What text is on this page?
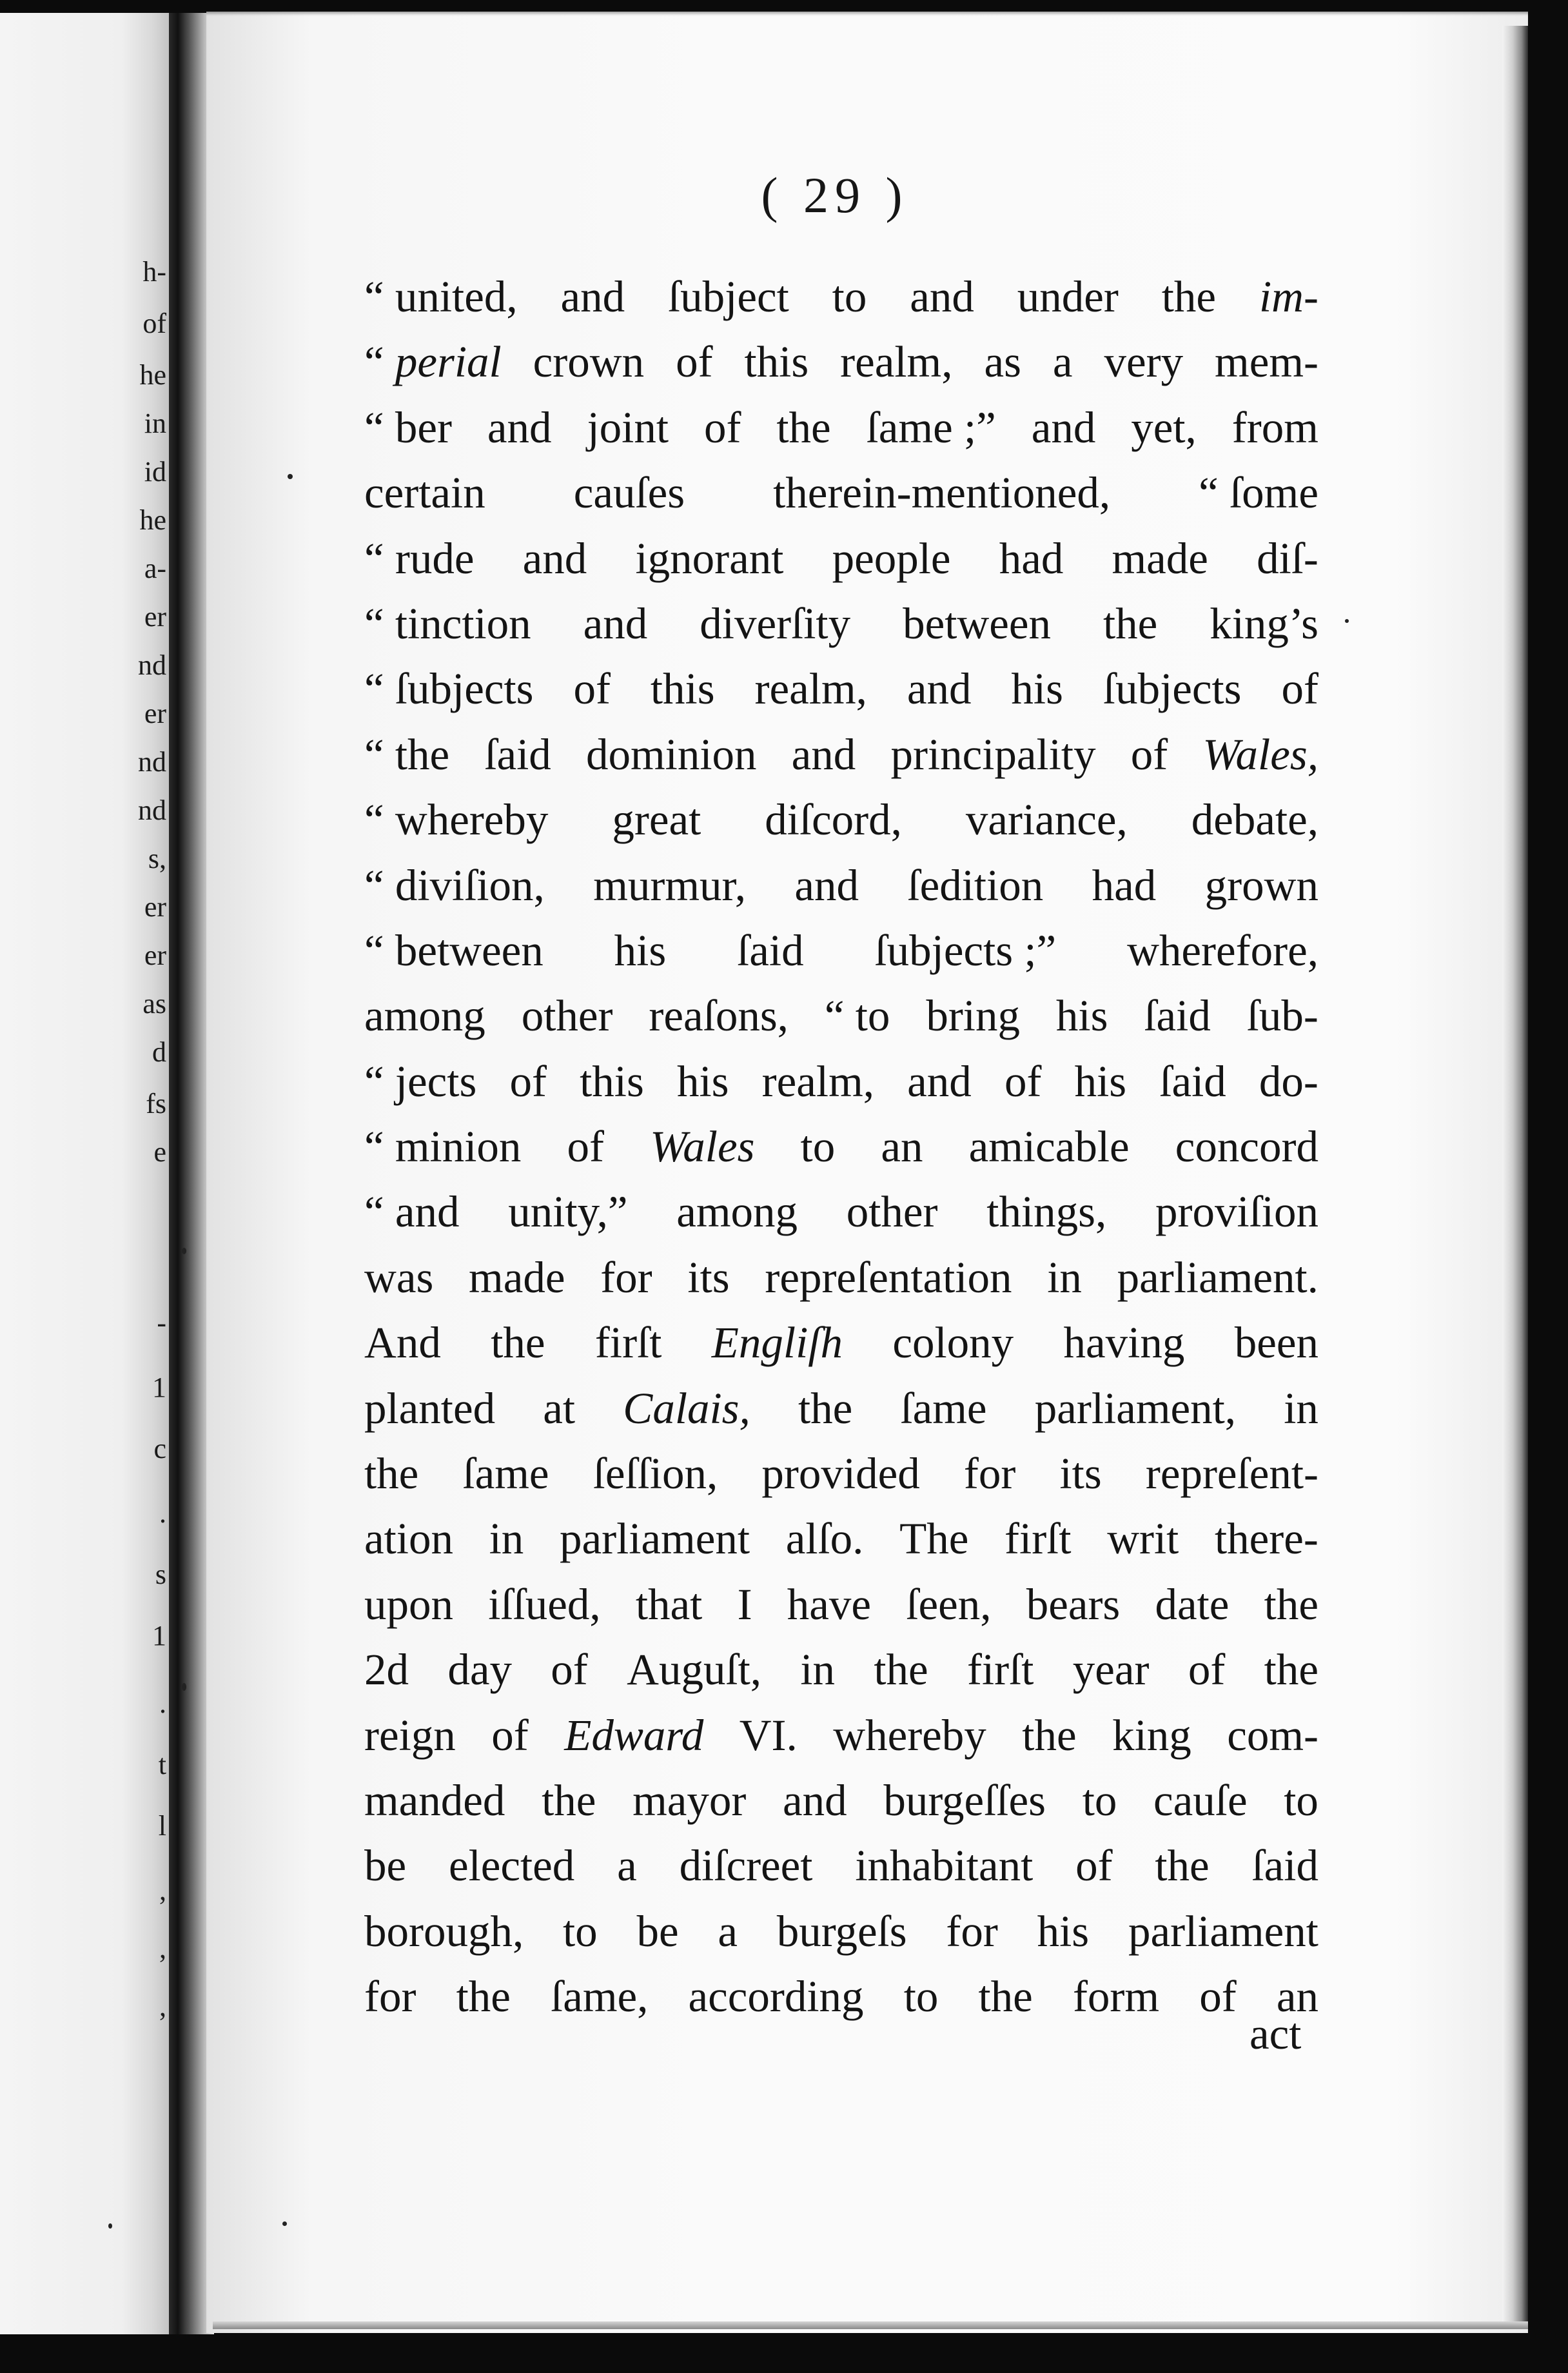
h-
of
he
in
id
he
a-
er
nd
er
nd
nd
s,
er
er
as
d
fs
e
-
1
c
.
s
1
.
t
l
,
,
,
( 29 )
“ united, and ſubject to and under the im-
“ perial crown of this realm, as a very mem-
“ ber and joint of the ſame ;” and yet, from
certain cauſes therein-mentioned, “ ſome
“ rude and ignorant people had made diſ-
“ tinction and diverſity between the king’s
“ ſubjects of this realm, and his ſubjects of
“ the ſaid dominion and principality of Wales,
“ whereby great diſcord, variance, debate,
“ diviſion, murmur, and ſedition had grown
“ between his ſaid ſubjects ;” wherefore,
among other reaſons, “ to bring his ſaid ſub-
“ jects of this his realm, and of his ſaid do-
“ minion of Wales to an amicable concord
“ and unity,” among other things, proviſion
was made for its repreſentation in parliament.
And the firſt Engliſh colony having been
planted at Calais, the ſame parliament, in
the ſame ſeſſion, provided for its repreſent-
ation in parliament alſo. The firſt writ there-
upon iſſued, that I have ſeen, bears date the
2d day of Auguſt, in the firſt year of the
reign of Edward VI. whereby the king com-
manded the mayor and burgeſſes to cauſe to
be elected a diſcreet inhabitant of the ſaid
borough, to be a burgeſs for his parliament
for the ſame, according to the form of an
act
